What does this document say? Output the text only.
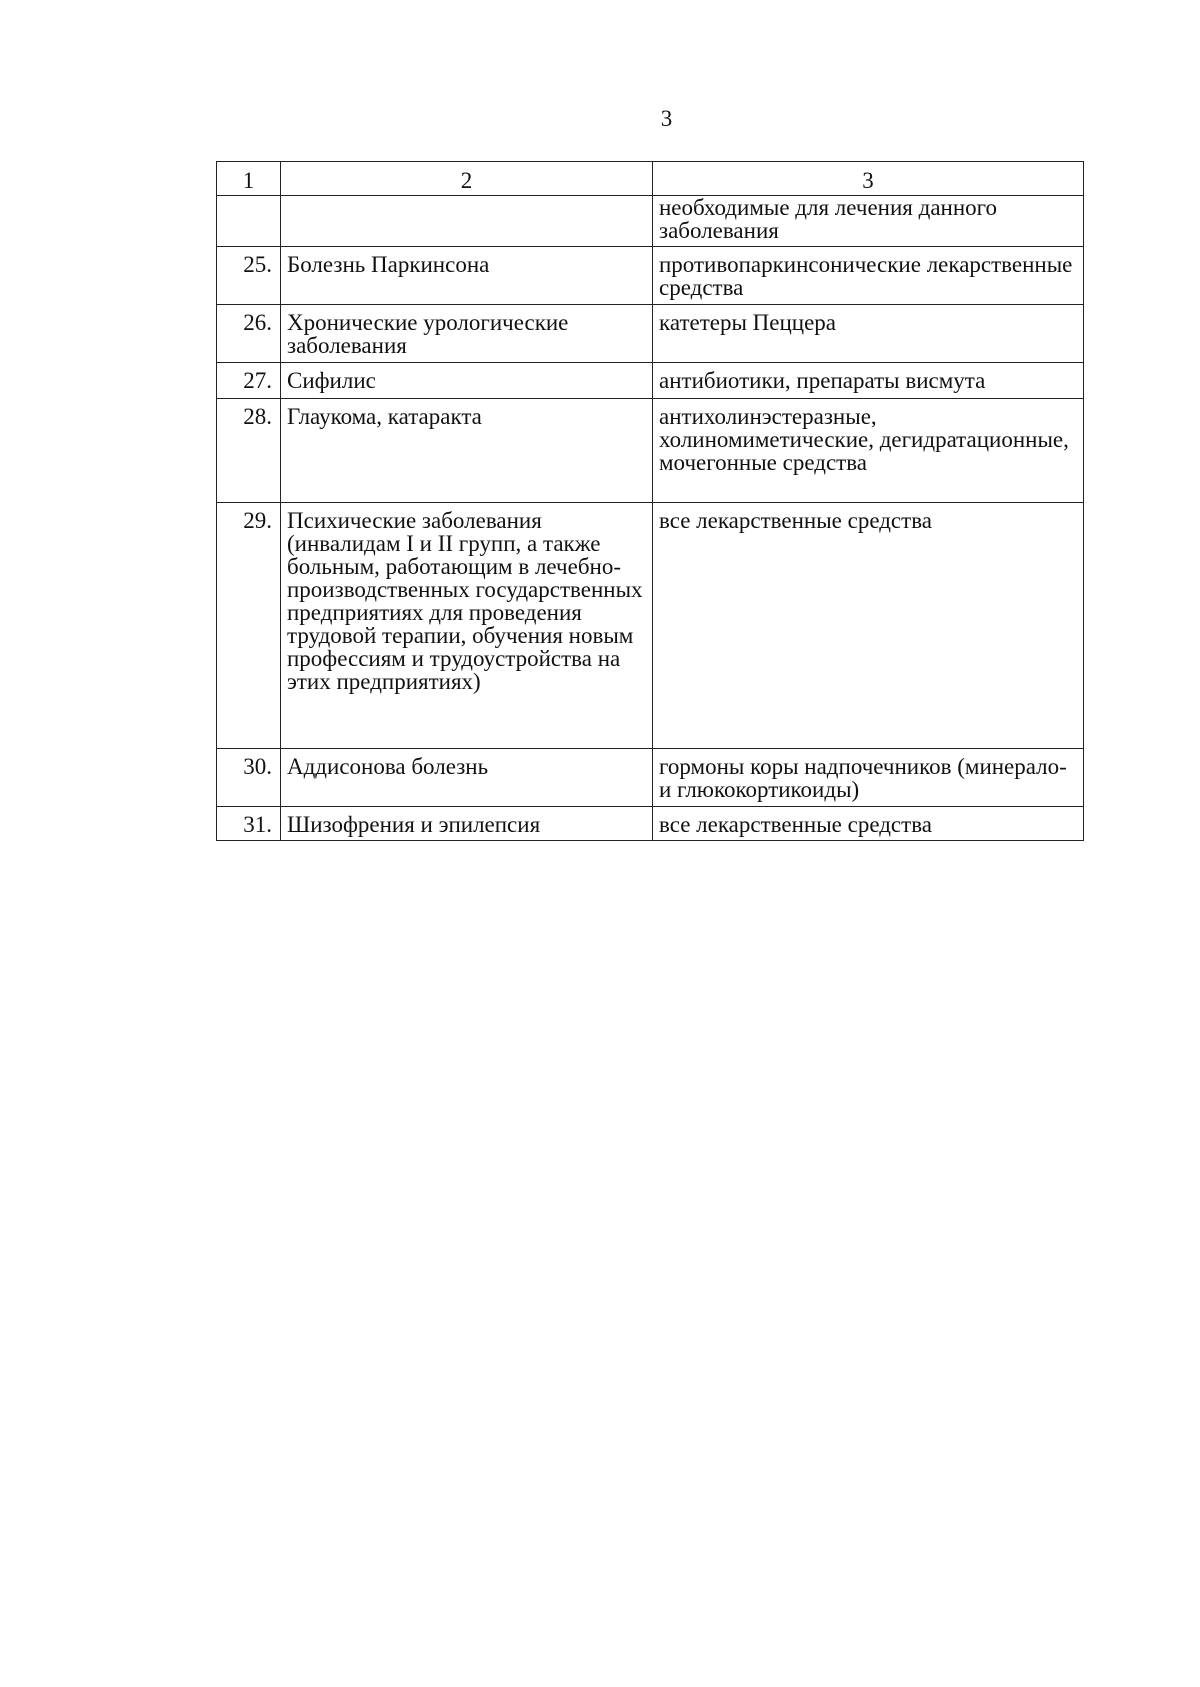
3
1	2	3
		необходимые для лечения данного заболевания
25.	Болезнь Паркинсона	противопаркинсонические лекарственные средства
26.	Хронические урологические заболевания	катетеры Пеццера
27.	Сифилис	антибиотики, препараты висмута
28.	Глаукома, катаракта	антихолинэстеразные, холиномиметические, дегидратационные, мочегонные средства
29.	Психические заболевания (инвалидам I и II групп, а также больным, работающим в лечебно-производственных государственных предприятиях для проведения трудовой терапии, обучения новым профессиям и трудоустройства на этих предприятиях)	все лекарственные средства
30.	Аддисонова болезнь	гормоны коры надпочечников (минерало- и глюкокортикоиды)
31.	Шизофрения и эпилепсия	все лекарственные средства
